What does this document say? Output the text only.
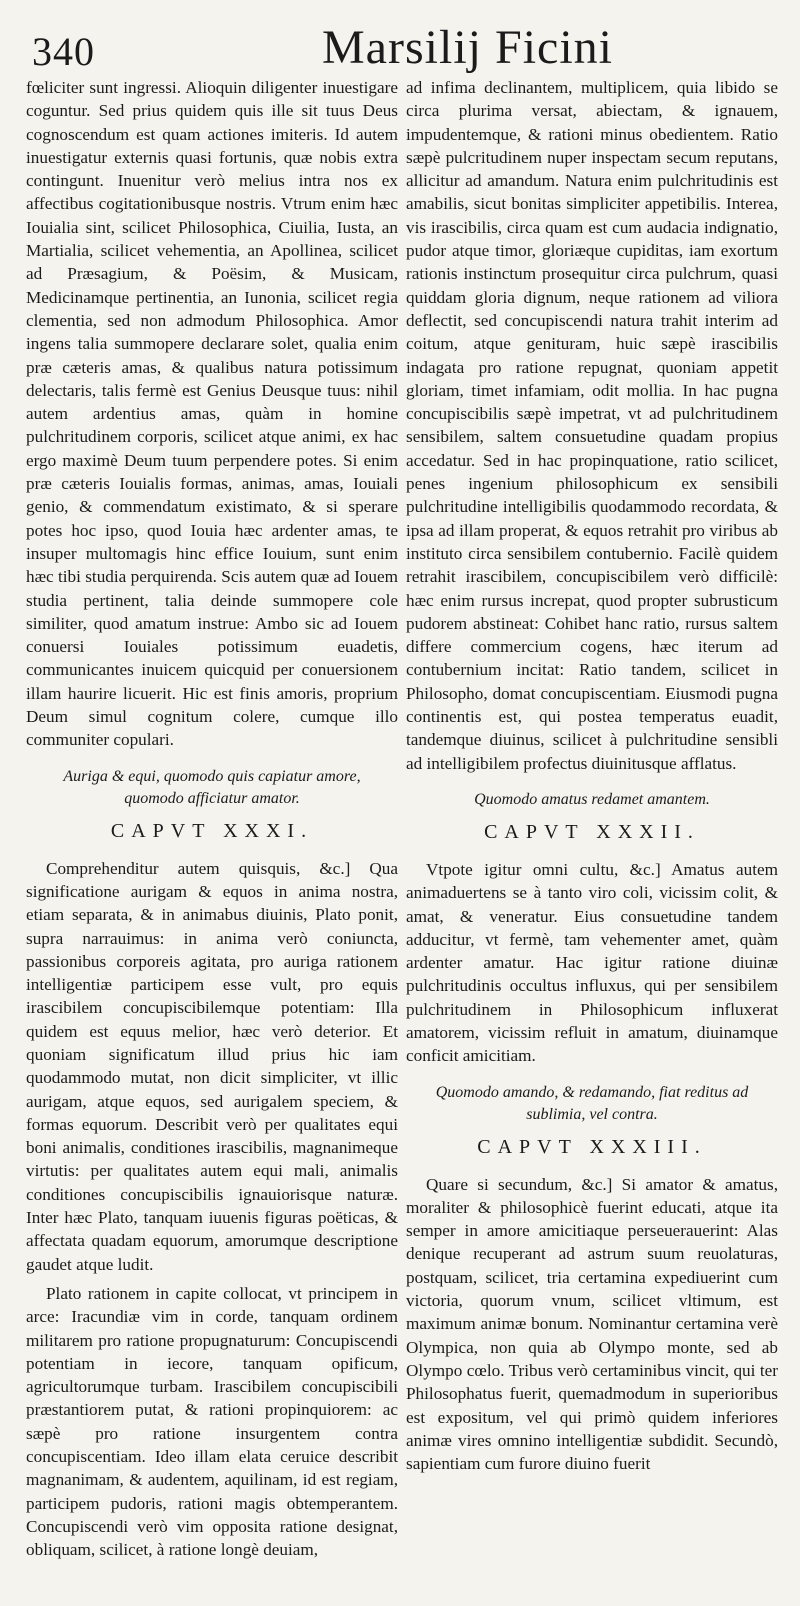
340	Marsilij Ficini

fœliciter sunt ingressi. Alioquin diligenter inuestigare coguntur. Sed prius quidem quis ille sit tuus Deus cognoscendum est quam actiones imiteris. Id autem inuestigatur externis quasi fortunis, quæ nobis extra contingunt. Inuenitur verò melius intra nos ex affectibus cogitationibusque nostris. Vtrum enim hæc Iouialia sint, scilicet Philosophica, Ciuilia, Iusta, an Martialia, scilicet vehementia, an Apollinea, scilicet ad Præsagium, & Poësim, & Musicam, Medicinamque pertinentia, an Iunonia, scilicet regia clementia, sed non admodum Philosophica. Amor ingens talia summopere declarare solet, qualia enim præ cæteris amas, & qualibus natura potissimum delectaris, talis fermè est Genius Deusque tuus: nihil autem ardentius amas, quàm in homine pulchritudinem corporis, scilicet atque animi, ex hac ergo maximè Deum tuum perpendere potes. Si enim præ cæteris Iouialis formas, animas, amas, Iouiali genio, & commendatum existimato, & si sperare potes hoc ipso, quod Iouia hæc ardenter amas, te insuper multomagis hinc effice Iouium, sunt enim hæc tibi studia perquirenda. Scis autem quæ ad Iouem studia pertinent, talia deinde summopere cole similiter, quod amatum instrue: Ambo sic ad Iouem conuersi Iouiales potissimum euadetis, communicantes inuicem quicquid per conuersionem illam haurire licuerit. Hic est finis amoris, proprium Deum simul cognitum colere, cumque illo communiter copulari.

Auriga & equi, quomodo quis capiatur amore, quomodo afficiatur amator.
CAPVT XXXI.

Comprehenditur autem quisquis, &c.] Qua significatione aurigam & equos in anima nostra, etiam separata, & in animabus diuinis, Plato ponit, supra narrauimus: in anima verò coniuncta, passionibus corporeis agitata, pro auriga rationem intelligentiæ participem esse vult, pro equis irascibilem concupiscibilemque potentiam: Illa quidem est equus melior, hæc verò deterior. Et quoniam significatum illud prius hic iam quodammodo mutat, non dicit simpliciter, vt illic aurigam, atque equos, sed aurigalem speciem, & formas equorum. Describit verò per qualitates equi boni animalis, conditiones irascibilis, magnanimeque virtutis: per qualitates autem equi mali, animalis conditiones concupiscibilis ignauiorisque naturæ. Inter hæc Plato, tanquam iuuenis figuras poëticas, & affectata quadam equorum, amorumque descriptione gaudet atque ludit.

Plato rationem in capite collocat, vt principem in arce: Iracundiæ vim in corde, tanquam ordinem militarem pro ratione propugnaturum: Concupiscendi potentiam in iecore, tanquam opificum, agricultorumque turbam. Irascibilem concupiscibili præstantiorem putat, & rationi propinquiorem: ac sæpè pro ratione insurgentem contra concupiscentiam. Ideo illam elata ceruice describit magnanimam, & audentem, aquilinam, id est regiam, participem pudoris, rationi magis obtemperantem. Concupiscendi verò vim opposita ratione designat, obliquam, scilicet, à ratione longè deuiam,

ad infima declinantem, multiplicem, quia libido se circa plurima versat, abiectam, & ignauem, impudentemque, & rationi minus obedientem. Ratio sæpè pulcritudinem nuper inspectam secum reputans, allicitur ad amandum. Natura enim pulchritudinis est amabilis, sicut bonitas simpliciter appetibilis. Interea, vis irascibilis, circa quam est cum audacia indignatio, pudor atque timor, gloriæque cupiditas, iam exortum rationis instinctum prosequitur circa pulchrum, quasi quiddam gloria dignum, neque rationem ad viliora deflectit, sed concupiscendi natura trahit interim ad coitum, atque genituram, huic sæpè irascibilis indagata pro ratione repugnat, quoniam appetit gloriam, timet infamiam, odit mollia. In hac pugna concupiscibilis sæpè impetrat, vt ad pulchritudinem sensibilem, saltem consuetudine quadam propius accedatur. Sed in hac propinquatione, ratio scilicet, penes ingenium philosophicum ex sensibili pulchritudine intelligibilis quodammodo recordata, & ipsa ad illam properat, & equos retrahit pro viribus ab instituto circa sensibilem contubernio. Facilè quidem retrahit irascibilem, concupiscibilem verò difficilè: hæc enim rursus increpat, quod propter subrusticum pudorem abstineat: Cohibet hanc ratio, rursus saltem differe commercium cogens, hæc iterum ad contubernium incitat: Ratio tandem, scilicet in Philosopho, domat concupiscentiam. Eiusmodi pugna continentis est, qui postea temperatus euadit, tandemque diuinus, scilicet à pulchritudine sensibli ad intelligibilem profectus diuinitusque afflatus.

Quomodo amatus redamet amantem.
CAPVT XXXII.

Vtpote igitur omni cultu, &c.] Amatus autem animaduertens se à tanto viro coli, vicissim colit, & amat, & veneratur. Eius consuetudine tandem adducitur, vt fermè, tam vehementer amet, quàm ardenter amatur. Hac igitur ratione diuinæ pulchritudinis occultus influxus, qui per sensibilem pulchritudinem in Philosophicum influxerat amatorem, vicissim refluit in amatum, diuinamque conficit amicitiam.

Quomodo amando, & redamando, fiat reditus ad sublimia, vel contra.
CAPVT XXXIII.

Quare si secundum, &c.] Si amator & amatus, moraliter & philosophicè fuerint educati, atque ita semper in amore amicitiaque perseuerauerint: Alas denique recuperant ad astrum suum reuolaturas, postquam, scilicet, tria certamina expediuerint cum victoria, quorum vnum, scilicet vltimum, est maximum animæ bonum. Nominantur certamina verè Olympica, non quia ab Olympo monte, sed ab Olympo cœlo. Tribus verò certaminibus vincit, qui ter Philosophatus fuerit, quemadmodum in superioribus est expositum, vel qui primò quidem inferiores animæ vires omnino intelligentiæ subdidit. Secundò, sapientiam cum furore diuino fuerit
